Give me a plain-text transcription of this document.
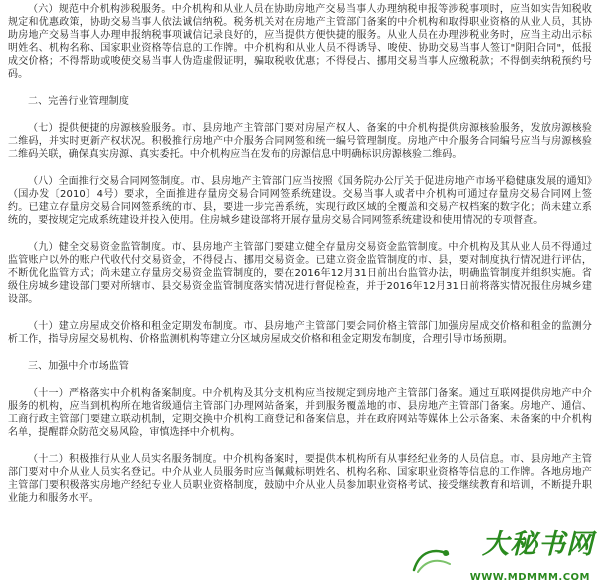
（六）规范中介机构涉税服务。中介机构和从业人员在协助房地产交易当事人办理纳税申报等涉税事项时，应当如实告知税收规定和优惠政策，协助交易当事人依法诚信纳税。税务机关对在房地产主管部门备案的中介机构和取得职业资格的从业人员，其协助房地产交易当事人办理申报纳税事项诚信记录良好的，应当提供方便快捷的服务。从业人员在办理涉税业务时，应当主动出示标明姓名、机构名称、国家职业资格等信息的工作牌。中介机构和从业人员不得诱导、唆使、协助交易当事人签订"阴阳合同"，低报成交价格；不得帮助或唆使交易当事人伪造虚假证明，骗取税收优惠；不得侵占、挪用交易当事人应缴税款；不得倒卖纳税预约号码。

二、完善行业管理制度

（七）提供便捷的房源核验服务。市、县房地产主管部门要对房屋产权人、备案的中介机构提供房源核验服务，发放房源核验二维码，并实时更新产权状况。积极推行房地产中介服务合同网签和统一编号管理制度。房地产中介服务合同编号应当与房源核验二维码关联，确保真实房源、真实委托。中介机构应当在发布的房源信息中明确标识房源核验二维码。

（八）全面推行交易合同网签制度。市、县房地产主管部门应当按照《国务院办公厅关于促进房地产市场平稳健康发展的通知》（国办发〔2010〕4号）要求，全面推进存量房交易合同网签系统建设。交易当事人或者中介机构可通过存量房交易合同网上签约。已建立存量房交易合同网签系统的市、县，要进一步完善系统，实现行政区域的全覆盖和交易产权档案的数字化；尚未建立系统的，要按规定完成系统建设并投入使用。住房城乡建设部将开展存量房交易合同网签系统建设和使用情况的专项督查。

（九）健全交易资金监管制度。市、县房地产主管部门要建立健全存量房交易资金监管制度。中介机构及其从业人员不得通过监管账户以外的账户代收代付交易资金，不得侵占、挪用交易资金。已建立资金监管制度的市、县，要对制度执行情况进行评估，不断优化监管方式；尚未建立存量房交易资金监管制度的，要在2016年12月31日前出台监管办法，明确监管制度并组织实施。省级住房城乡建设部门要对所辖市、县交易资金监管制度落实情况进行督促检查，并于2016年12月31日前将落实情况报住房城乡建设部。

（十）建立房屋成交价格和租金定期发布制度。市、县房地产主管部门要会同价格主管部门加强房屋成交价格和租金的监测分析工作，指导房屋交易机构、价格监测机构等建立分区域房屋成交价格和租金定期发布制度，合理引导市场预期。

三、加强中介市场监管

（十一）严格落实中介机构备案制度。中介机构及其分支机构应当按规定到房地产主管部门备案。通过互联网提供房地产中介服务的机构，应当到机构所在地省级通信主管部门办理网站备案，并到服务覆盖地的市、县房地产主管部门备案。房地产、通信、工商行政主管部门要建立联动机制，定期交换中介机构工商登记和备案信息，并在政府网站等媒体上公示备案、未备案的中介机构名单，提醒群众防范交易风险，审慎选择中介机构。

（十二）积极推行从业人员实名服务制度。中介机构备案时，要提供本机构所有从事经纪业务的人员信息。市、县房地产主管部门要对中介从业人员实名登记。中介从业人员服务时应当佩戴标明姓名、机构名称、国家职业资格等信息的工作牌。各地房地产主管部门要积极落实房地产经纪专业人员职业资格制度，鼓励中介从业人员参加职业资格考试、接受继续教育和培训，不断提升职业能力和服务水平。

大秘书网
WWW.MDMMM.COM
